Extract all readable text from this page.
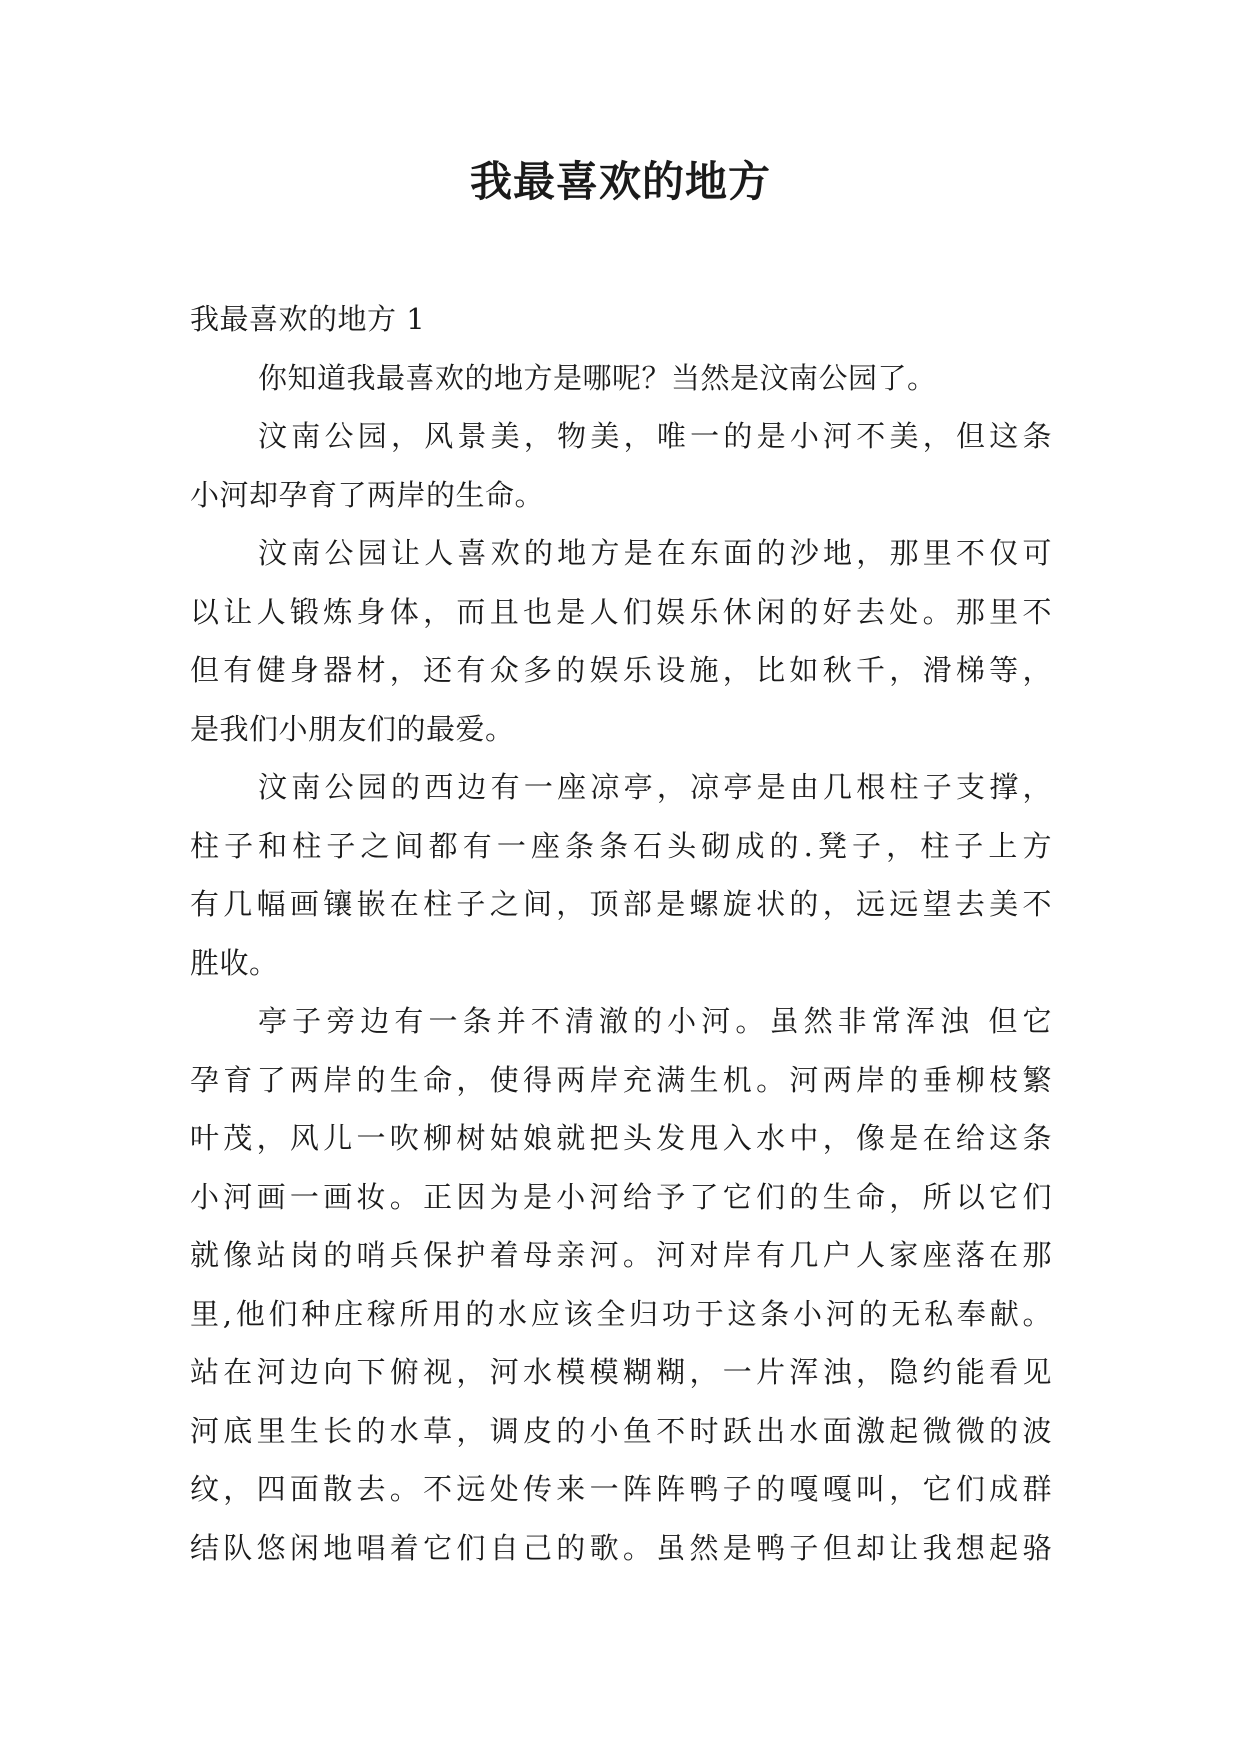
我最喜欢的地方
我最喜欢的地方 1
你知道我最喜欢的地方是哪呢？当然是汶南公园了。
汶南公园，风景美，物美，唯一的是小河不美，但这条
小河却孕育了两岸的生命。
汶南公园让人喜欢的地方是在东面的沙地，那里不仅可
以让人锻炼身体，而且也是人们娱乐休闲的好去处。那里不
但有健身器材，还有众多的娱乐设施，比如秋千，滑梯等，
是我们小朋友们的最爱。
汶南公园的西边有一座凉亭，凉亭是由几根柱子支撑，
柱子和柱子之间都有一座条条石头砌成的.凳子，柱子上方
有几幅画镶嵌在柱子之间，顶部是螺旋状的，远远望去美不
胜收。
亭子旁边有一条并不清澈的小河。虽然非常浑浊 但它
孕育了两岸的生命，使得两岸充满生机。河两岸的垂柳枝繁
叶茂，风儿一吹柳树姑娘就把头发甩入水中，像是在给这条
小河画一画妆。正因为是小河给予了它们的生命，所以它们
就像站岗的哨兵保护着母亲河。河对岸有几户人家座落在那
里,他们种庄稼所用的水应该全归功于这条小河的无私奉献。
站在河边向下俯视，河水模模糊糊，一片浑浊，隐约能看见
河底里生长的水草，调皮的小鱼不时跃出水面激起微微的波
纹，四面散去。不远处传来一阵阵鸭子的嘎嘎叫，它们成群
结队悠闲地唱着它们自己的歌。虽然是鸭子但却让我想起骆
